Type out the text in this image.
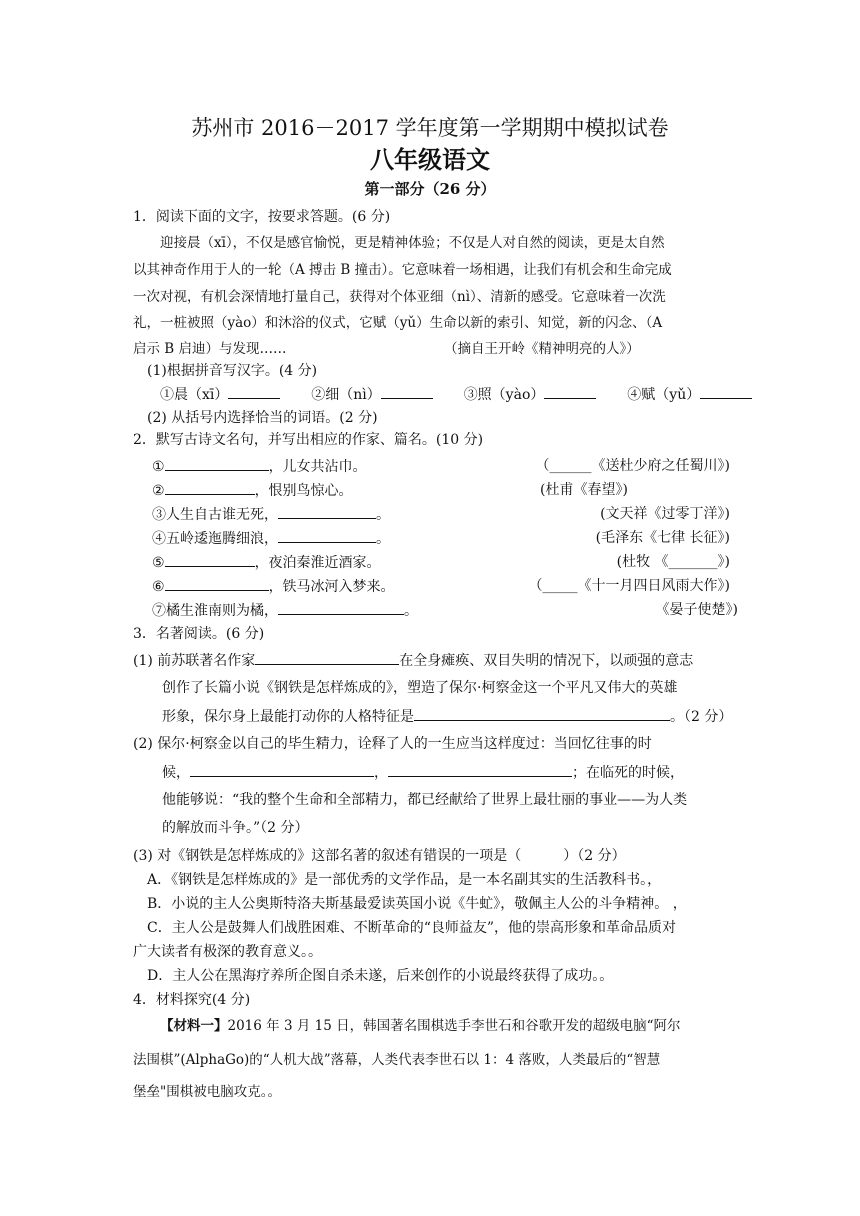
苏州市 2016－2017 学年度第一学期期中模拟试卷
八年级语文
第一部分（26 分）
1．阅读下面的文字，按要求答题。(6 分)
迎接晨（xī），不仅是感官愉悦，更是精神体验；不仅是人对自然的阅读，更是太自然
以其神奇作用于人的一轮（A 搏击 B 撞击）。它意味着一场相遇，让我们有机会和生命完成
一次对视，有机会深情地打量自己，获得对个体亚细（nì）、清新的感受。它意味着一次洗
礼，一桩被照（yào）和沐浴的仪式，它赋（yǔ）生命以新的索引、知觉，新的闪念、（A
启示 B 启迪）与发现……	（摘自王开岭《精神明亮的人》）
(1)根据拼音写汉字。(4 分)
①晨（xī）	②细（nì）	③照（yào）	④赋（yǔ）
(2) 从括号内选择恰当的词语。(2 分)
2．默写古诗文名句，并写出相应的作家、篇名。(10 分)
①	，儿女共沾巾。	（______《送杜少府之任蜀川》)
②	，恨别鸟惊心。	(杜甫《春望》)
③人生自古谁无死，	。	(文天祥《过零丁洋》)
④五岭逶迤腾细浪，	。	(毛泽东《七律 长征》)
⑤	，夜泊秦淮近酒家。	(杜牧 《_______》)
⑥	，铁马冰河入梦来。	（_____《十一月四日风雨大作》)
⑦橘生淮南则为橘，	。	《晏子使楚》)
3．名著阅读。(6 分)
(1) 前苏联著名作家	在全身瘫痪、双目失明的情况下，以顽强的意志
创作了长篇小说《钢铁是怎样炼成的》，塑造了保尔·柯察金这一个平凡又伟大的英雄
形象，保尔身上最能打动你的人格特征是	。（2 分）
(2) 保尔·柯察金以自己的毕生精力，诠释了人的一生应当这样度过：当回忆往事的时
候，	，	；在临死的时候，
他能够说：“我的整个生命和全部精力，都已经献给了世界上最壮丽的事业——为人类
的解放而斗争。”（2 分）
(3) 对《钢铁是怎样炼成的》这部名著的叙述有错误的一项是（　　　）（2 分）
A．《钢铁是怎样炼成的》是一部优秀的文学作品，是一本名副其实的生活教科书。，
B．小说的主人公奥斯特洛夫斯基最爱读英国小说《牛虻》，敬佩主人公的斗争精神。 ，
C．主人公是鼓舞人们战胜困难、不断革命的“良师益友”，他的崇高形象和革命品质对
广大读者有极深的教育意义。。
D．主人公在黑海疗养所企图自杀未遂，后来创作的小说最终获得了成功。。
4．材料探究(4 分)
【材料一】2016 年 3 月 15 日，韩国著名围棋选手李世石和谷歌开发的超级电脑“阿尔
法围棋”(AlphaGo)的“人机大战”落幕，人类代表李世石以 1：4 落败，人类最后的“智慧
堡垒"围棋被电脑攻克。。
